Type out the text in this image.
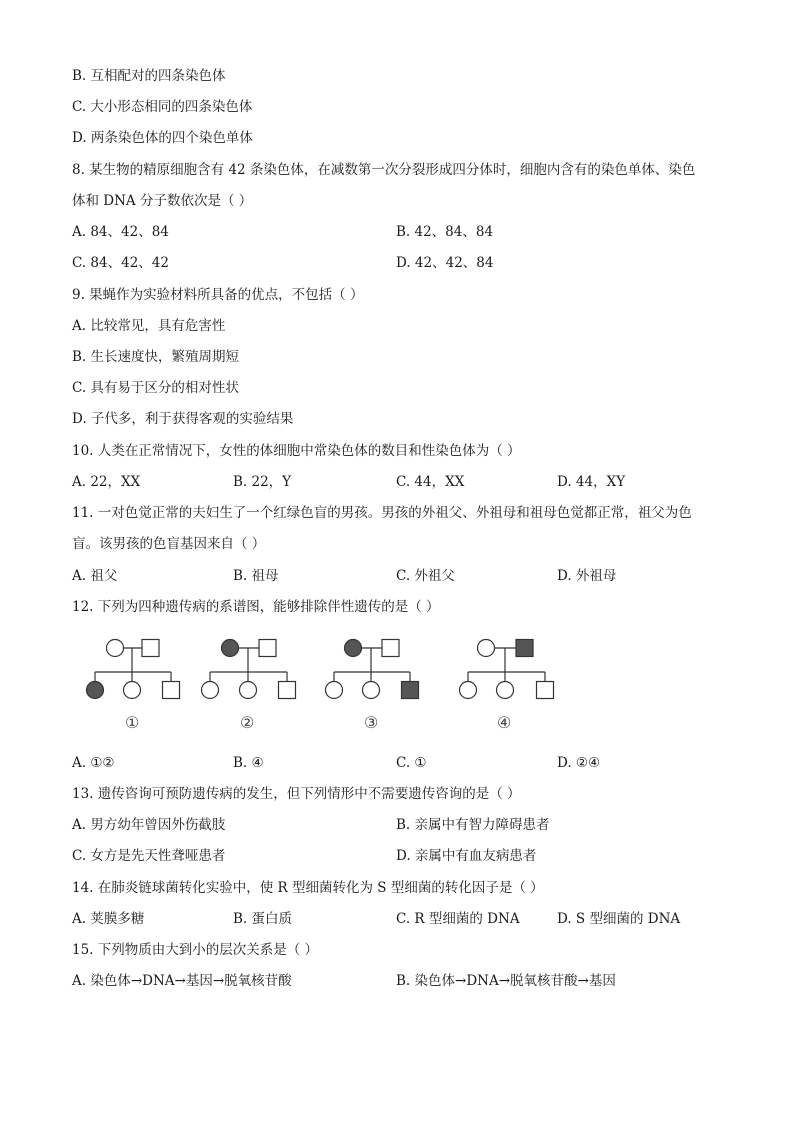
B. 互相配对的四条染色体
C. 大小形态相同的四条染色体
D. 两条染色体的四个染色单体
8. 某生物的精原细胞含有 42 条染色体，在减数第一次分裂形成四分体时，细胞内含有的染色单体、染色
体和 DNA 分子数依次是（ ）
A. 84、42、84	B. 42、84、84
C. 84、42、42	D. 42、42、84
9. 果蝇作为实验材料所具备的优点，不包括（ ）
A. 比较常见，具有危害性
B. 生长速度快，繁殖周期短
C. 具有易于区分的相对性状
D. 子代多，利于获得客观的实验结果
10. 人类在正常情况下，女性的体细胞中常染色体的数目和性染色体为（ ）
A. 22，XX	B. 22，Y	C. 44，XX	D. 44，XY
11. 一对色觉正常的夫妇生了一个红绿色盲的男孩。男孩的外祖父、外祖母和祖母色觉都正常，祖父为色
盲。该男孩的色盲基因来自（ ）
A. 祖父	B. 祖母	C. 外祖父	D. 外祖母
12. 下列为四种遗传病的系谱图，能够排除伴性遗传的是（ ）
①	②	③	④
A. ①②	B. ④	C. ①	D. ②④
13. 遗传咨询可预防遗传病的发生，但下列情形中不需要遗传咨询的是（ ）
A. 男方幼年曾因外伤截肢	B. 亲属中有智力障碍患者
C. 女方是先天性聋哑患者	D. 亲属中有血友病患者
14. 在肺炎链球菌转化实验中，使 R 型细菌转化为 S 型细菌的转化因子是（ ）
A. 荚膜多糖	B. 蛋白质	C. R 型细菌的 DNA	D. S 型细菌的 DNA
15. 下列物质由大到小的层次关系是（ ）
A. 染色体→DNA→基因→脱氧核苷酸	B. 染色体→DNA→脱氧核苷酸→基因
